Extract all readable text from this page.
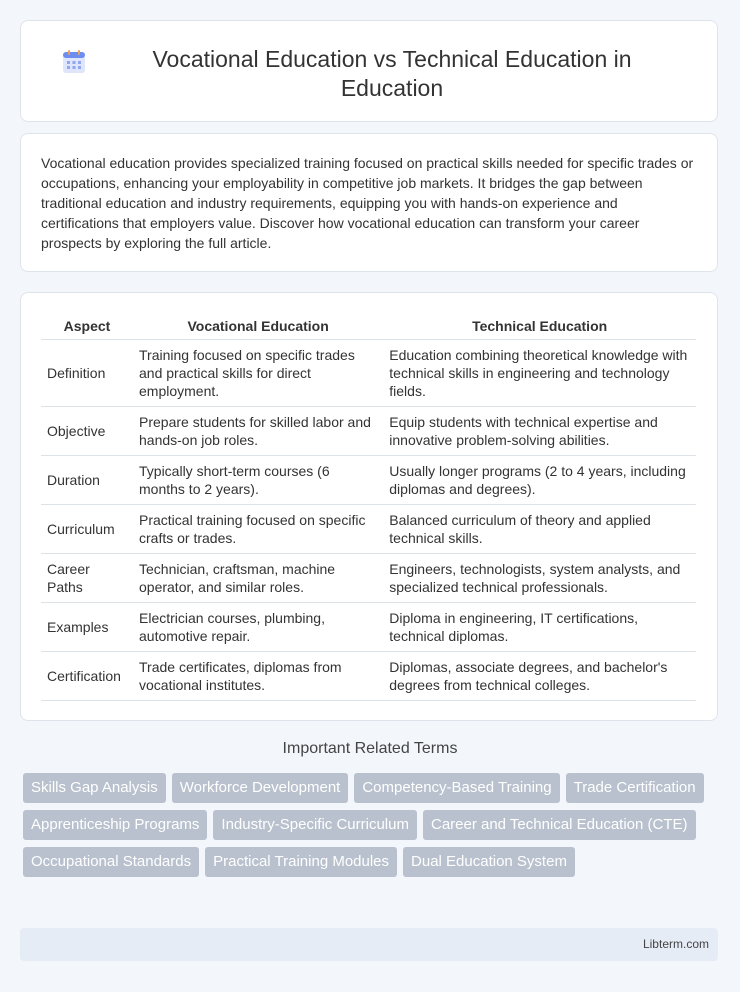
Vocational Education vs Technical Education in Education

Vocational education provides specialized training focused on practical skills needed for specific trades or occupations, enhancing your employability in competitive job markets. It bridges the gap between traditional education and industry requirements, equipping you with hands-on experience and certifications that employers value. Discover how vocational education can transform your career prospects by exploring the full article.

Aspect	Vocational Education	Technical Education
Definition	Training focused on specific trades and practical skills for direct employment.	Education combining theoretical knowledge with technical skills in engineering and technology fields.
Objective	Prepare students for skilled labor and hands-on job roles.	Equip students with technical expertise and innovative problem-solving abilities.
Duration	Typically short-term courses (6 months to 2 years).	Usually longer programs (2 to 4 years, including diplomas and degrees).
Curriculum	Practical training focused on specific crafts or trades.	Balanced curriculum of theory and applied technical skills.
Career Paths	Technician, craftsman, machine operator, and similar roles.	Engineers, technologists, system analysts, and specialized technical professionals.
Examples	Electrician courses, plumbing, automotive repair.	Diploma in engineering, IT certifications, technical diplomas.
Certification	Trade certificates, diplomas from vocational institutes.	Diplomas, associate degrees, and bachelor's degrees from technical colleges.
Important Related Terms
Skills Gap Analysis	Workforce Development	Competency-Based Training	Trade Certification
Apprenticeship Programs	Industry-Specific Curriculum	Career and Technical Education (CTE)
Occupational Standards	Practical Training Modules	Dual Education System
Libterm.com
